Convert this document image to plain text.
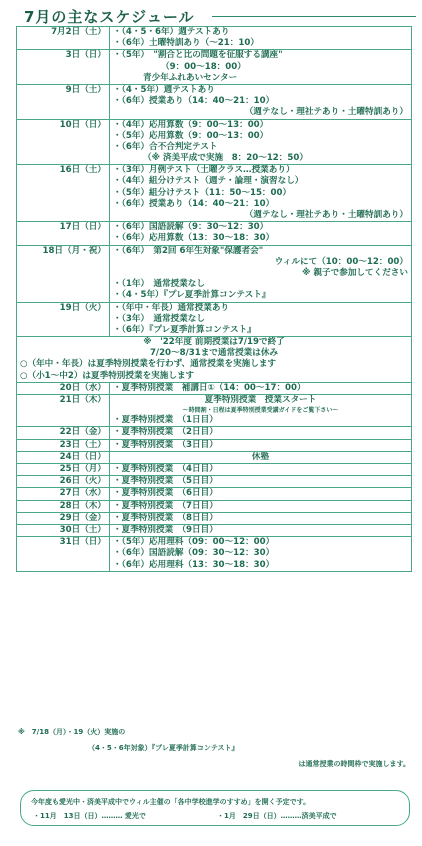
7月の主なスケジュール
7月2日（土）	・（4・5・6年）週テストあり
・（6年）土曜特訓あり（～21：10）

3日（日）	・（5年）　"割合と比の問題を征服する講座"
（9：00～18：00）
青少年ふれあいセンター

9日（土）	・（4・5年）週テストあり
・（6年）授業あり（14：40～21：10）
（週テなし・理社テあり・土曜特訓あり）

10日（日）	・（4年）応用算数（9：00～13：00）
・（5年）応用算数（9：00～13：00）
・（6年）合不合判定テスト
（※ 済美平成で実施　8：20～12：50）

16日（土）	・（3年）月例テスト（土曜クラス…授業あり）
・（4年）組分けテスト（週テ・論理・演習なし）
・（5年）組分けテスト（11：50～15：00）
・（6年）授業あり（14：40～21：10）
（週テなし・理社テあり・土曜特訓あり）

17日（日）	・（6年）国語読解（9：30～12：30）
・（6年）応用算数（13：30～18：30）

18日（月・祝）	・（6年）　第2回 6年生対象"保護者会"
ウィルにて（10：00～12：00）
※ 親子で参加してください
・（1年）　通常授業なし
・（4・5年）『プレ夏季計算コンテスト』

19日（火）	・（年中・年長）通常授業あり
・（3年）　通常授業なし
・（6年）『プレ夏季計算コンテスト』

※　'22年度 前期授業は7/19で終了
7/20～8/31まで通常授業は休み
○（年中・年長）は夏季特別授業を行わず、通常授業を実施します
○（小1～中2）は夏季特別授業を実施します	

20日（水）	・夏季特別授業　補講日①（14：00～17：00）

21日（木）	夏季特別授業　授業スタート
～時間割・日程は夏季特別授業受講ガイドをご覧下さい～
・夏季特別授業　（1日目）

22日（金）	・夏季特別授業　（2日目）

23日（土）	・夏季特別授業　（3日目）

24日（日）	休塾

25日（月）	・夏季特別授業　（4日目）

26日（火）	・夏季特別授業　（5日目）

27日（水）	・夏季特別授業　（6日目）

28日（木）	・夏季特別授業　（7日目）

29日（金）	・夏季特別授業　（8日目）

30日（土）	・夏季特別授業　（9日目）

31日（日）	・（5年）応用理科（09：00～12：00）
・（6年）国語読解（09：30～12：30）
・（6年）応用理科（13：30～18：30）
※　7/18（月）・19（火）実施の
（4・5・6年対象）『プレ夏季計算コンテスト』
は通常授業の時間枠で実施します。
今年度も愛光中・済美平成中でウィル主催の「各中学校進学のすすめ」を開く予定です。
・11月　13日（日）……… 愛光で	・1月　29日（日）………済美平成で
